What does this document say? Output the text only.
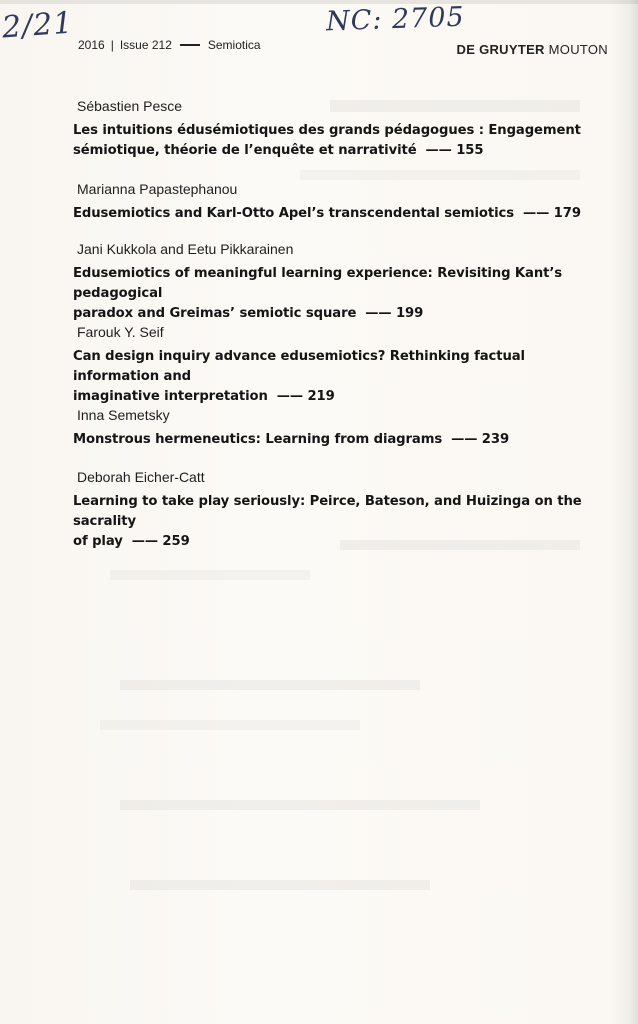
2/21	NC: 2705
2016 | Issue 212	Semiotica	DE GRUYTER MOUTON
Sébastien Pesce
Les intuitions édusémiotiques des grands pédagogues : Engagement
sémiotique, théorie de l’enquête et narrativité  —— 155
Marianna Papastephanou
Edusemiotics and Karl-Otto Apel’s transcendental semiotics  —— 179
Jani Kukkola and Eetu Pikkarainen
Edusemiotics of meaningful learning experience: Revisiting Kant’s pedagogical
paradox and Greimas’ semiotic square  —— 199
Farouk Y. Seif
Can design inquiry advance edusemiotics? Rethinking factual information and
imaginative interpretation  —— 219
Inna Semetsky
Monstrous hermeneutics: Learning from diagrams  —— 239
Deborah Eicher-Catt
Learning to take play seriously: Peirce, Bateson, and Huizinga on the sacrality
of play  —— 259
